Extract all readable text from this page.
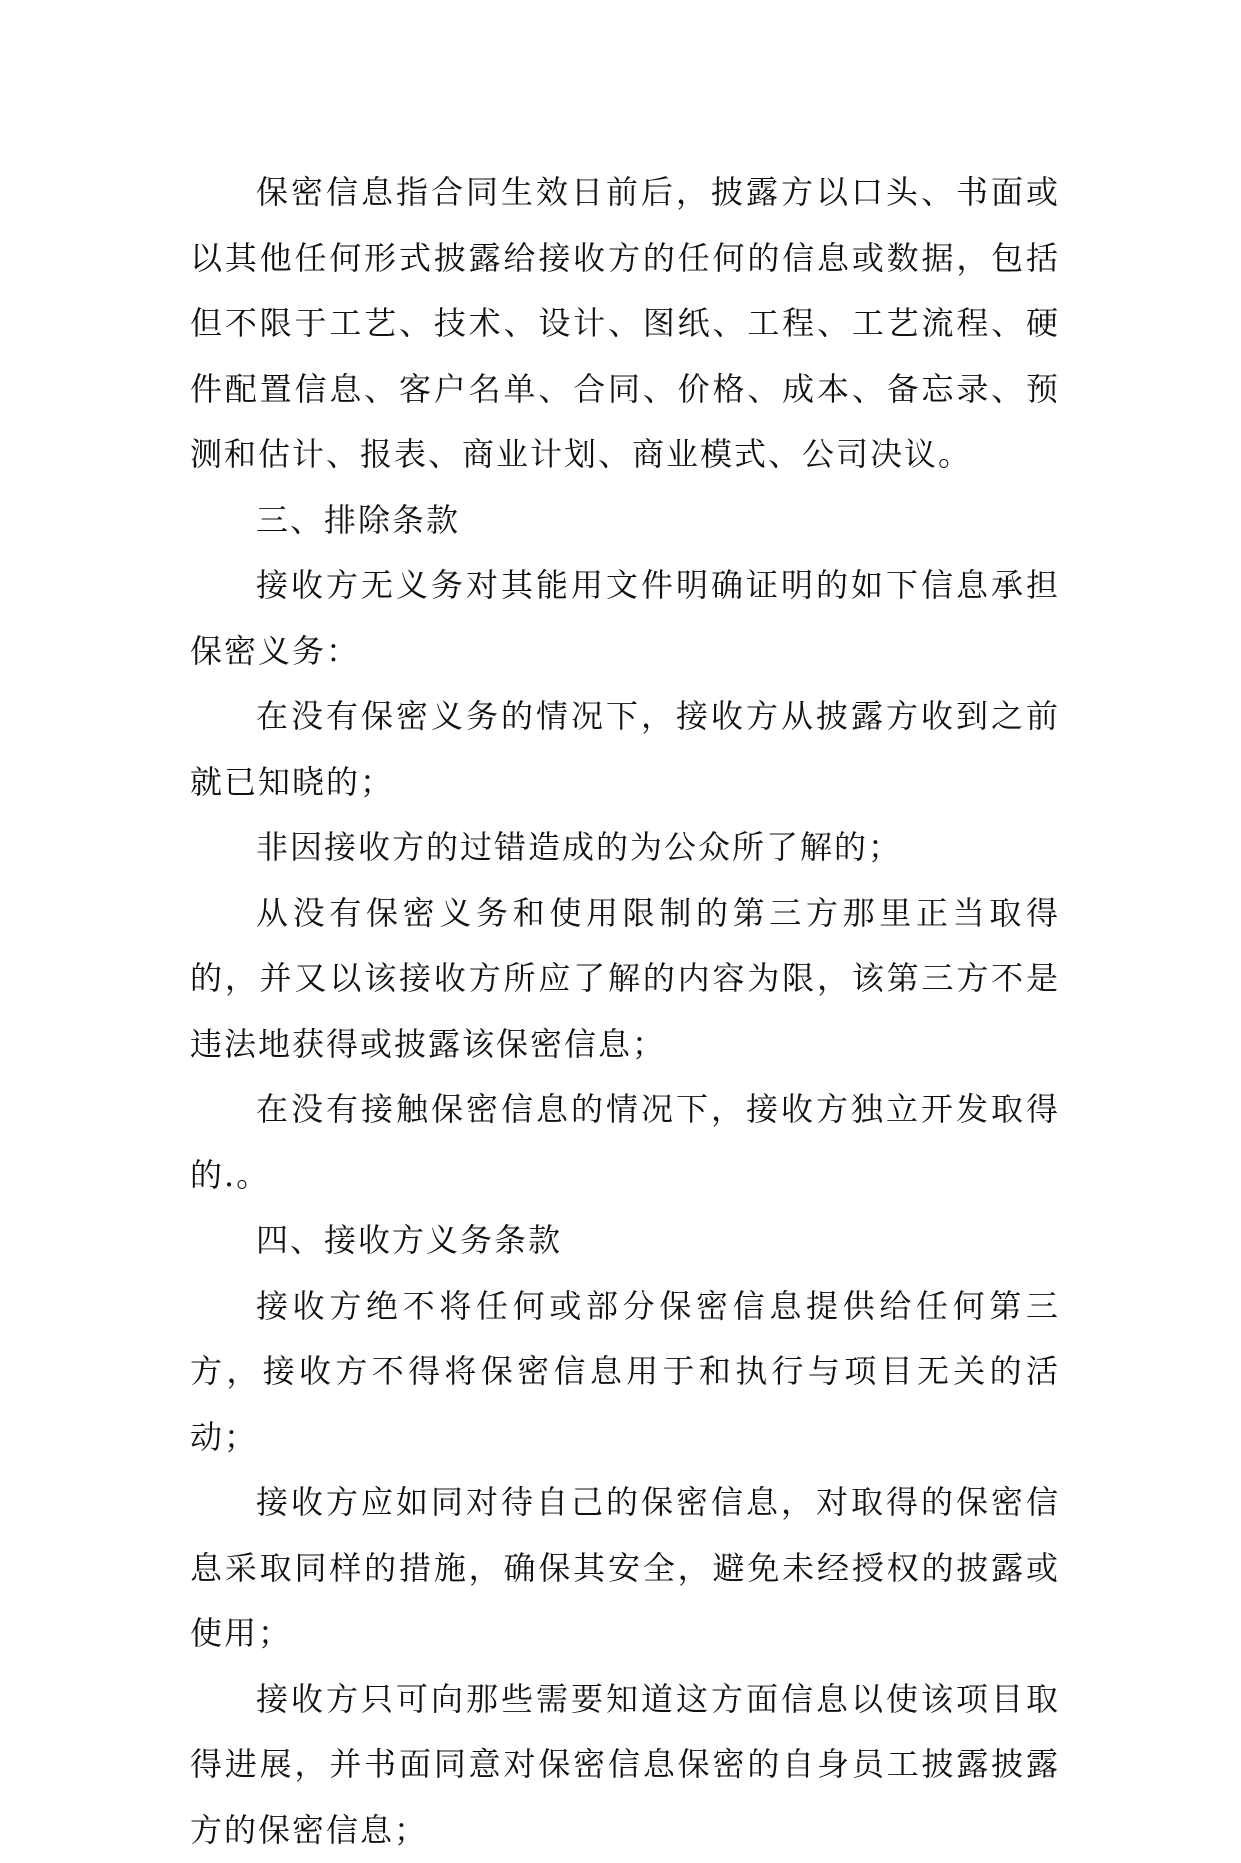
保密信息指合同生效日前后，披露方以口头、书面或以其他任何形式披露给接收方的任何的信息或数据，包括但不限于工艺、技术、设计、图纸、工程、工艺流程、硬件配置信息、客户名单、合同、价格、成本、备忘录、预测和估计、报表、商业计划、商业模式、公司决议。

三、排除条款

接收方无义务对其能用文件明确证明的如下信息承担保密义务：

在没有保密义务的情况下，接收方从披露方收到之前就已知晓的；

非因接收方的过错造成的为公众所了解的；

从没有保密义务和使用限制的第三方那里正当取得的，并又以该接收方所应了解的内容为限，该第三方不是违法地获得或披露该保密信息；

在没有接触保密信息的情况下，接收方独立开发取得的.。

四、接收方义务条款

接收方绝不将任何或部分保密信息提供给任何第三方，接收方不得将保密信息用于和执行与项目无关的活动；

接收方应如同对待自己的保密信息，对取得的保密信息采取同样的措施，确保其安全，避免未经授权的披露或使用；

接收方只可向那些需要知道这方面信息以使该项目取得进展，并书面同意对保密信息保密的自身员工披露披露方的保密信息；
